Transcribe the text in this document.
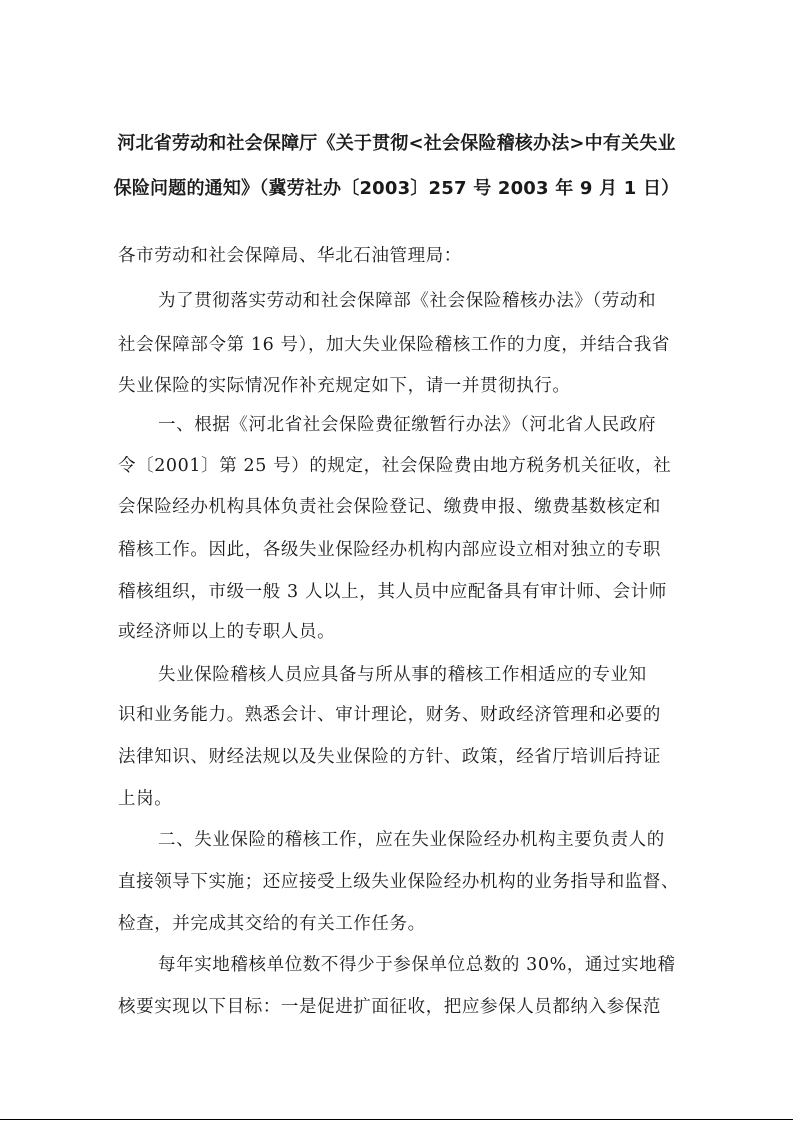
河北省劳动和社会保障厅《关于贯彻<社会保险稽核办法>中有关失业
保险问题的通知》（冀劳社办〔2003〕257 号 2003 年 9 月 1 日）

各市劳动和社会保障局、华北石油管理局：

为了贯彻落实劳动和社会保障部《社会保险稽核办法》（劳动和

社会保障部令第 16 号），加大失业保险稽核工作的力度，并结合我省

失业保险的实际情况作补充规定如下，请一并贯彻执行。

一、根据《河北省社会保险费征缴暂行办法》（河北省人民政府

令〔2001〕第 25 号）的规定，社会保险费由地方税务机关征收，社

会保险经办机构具体负责社会保险登记、缴费申报、缴费基数核定和

稽核工作。因此，各级失业保险经办机构内部应设立相对独立的专职

稽核组织，市级一般 3 人以上，其人员中应配备具有审计师、会计师

或经济师以上的专职人员。

失业保险稽核人员应具备与所从事的稽核工作相适应的专业知

识和业务能力。熟悉会计、审计理论，财务、财政经济管理和必要的

法律知识、财经法规以及失业保险的方针、政策，经省厅培训后持证

上岗。

二、失业保险的稽核工作，应在失业保险经办机构主要负责人的

直接领导下实施；还应接受上级失业保险经办机构的业务指导和监督、

检查，并完成其交给的有关工作任务。

每年实地稽核单位数不得少于参保单位总数的 30%，通过实地稽

核要实现以下目标：一是促进扩面征收，把应参保人员都纳入参保范
